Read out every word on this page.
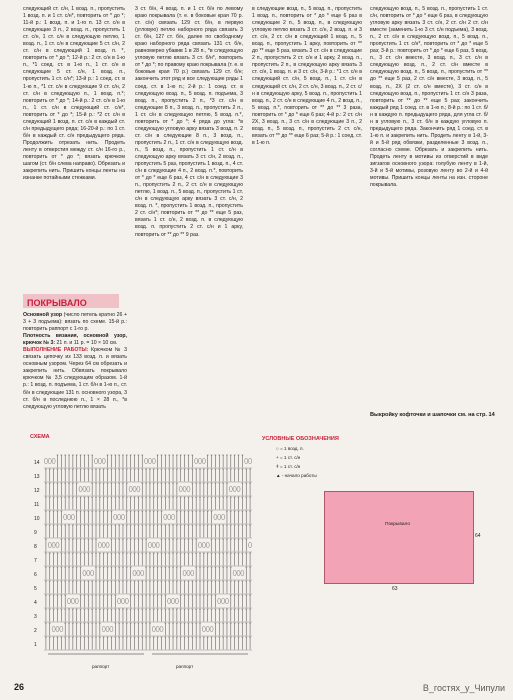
следующий ст. с/н, 1 возд. п., пропустить 1 возд. п. и 1 ст. с/н*, повторить от * до *; 11-й р.: 1 возд. п. и 1-го п. 13 ст. с/н в следующие 3 п., 2 возд. п., пропустить 1 ст. с/н, 1 ст. с/н в следующую петлю, 1 возд. п., 1 ст. с/н в следующие 5 ст. с/н, 2 ст. с/н в следующий 1 возд. п. *, повторить от * до *; 12-й р.: 2 ст. с/н в 1-ю п., *1 соед. ст. в 1-ю п., 1 ст. с/н в следующие 5 ст. с/н, 1 возд. п., пропустить 1 ст. с/н*; 13-й р.: 1 соед. ст. в 1-ю п., *1 ст. с/н в следующие 9 ст. с/н, 2 ст. с/н в следующую п., 1 возд. п.*; повторить от * до *; 14-й р.: 2 ст. с/н в 1-ю п., 1 ст. с/н в следующий ст. с/н*, повторить от * до *; 15-й р.: *2 ст. с/н в следующий 1 возд. п. ст. с/н в каждый ст. с/н предыдущего ряда; 16-20-й р.: по 1 ст. б/н в каждый ст. с/н предыдущего ряда. Продолжить отрезать нить. Продеть ленту в отверстия между ст. с/н 16-го р., повторить от * до *; вязать крючком шагом (ст. б/н слева направо). Обрезать и закрепить нить. Пришить концы ленты на изнанке потайными стежками.

ПОКРЫВАЛО
Основной узор (число петель кратно 26 + 3 + 3 подъема): вязать по схеме. 15-й р.: повторить раппорт с 1-го р.
Плотность вязания, основной узор, крючок № 3: 21 п. и 11 р. = 10 × 10 см.
ВЫПОЛНЕНИЕ РАБОТЫ: Крючком № 3 связать цепочку из 133 возд. п. и вязать основным узором. Через 64 см обрезать и закрепить нить. Обвязать покрывало крючком № 3,5 следующим образом. 1-й р.: 1 возд. п. подъема, 1 ст. б/н в 1-ю п., ст. б/н в следующие 131 п. основного узора, 3 ст. б/н в последнюю п., 1 × 28 п., *в следующую угловую петлю вязать

3 ст. б/н, 4 возд. п. и 1 ст. б/н по левому краю покрывала (т. е. в боковые края 70 р. ст. с/н) связать 129 ст. б/н, в первую (угловую) петлю наборного ряда связать 3 ст. б/н, 127 ст. б/н, далее по свободному краю наборного ряда связать 131 ст. б/н, равномерно убавив 1 в 28 п., *в следующую угловую петлю вязать 3 ст. б/н*, повторить от * до *; по правому краю покрывала (т. е. в боковые края 70 р.) связать 129 ст. б/н; закончить этот ряд и все следующие ряды 1 соед. ст. в 1-ю п.; 2-й р.: 1 соед. ст. в следующую возд. п., 5 возд. п. подъема, 3 возд. п., пропустить 2 п., *3 ст. с/н в следующие 8 п., 3 возд. п., пропустить 2 п., 1 ст. с/н в следующую петлю, 5 возд. п.*, повторить от * до *; 4 ряда до угла: *в следующую угловую арку вязать 3 возд. п. 2 ст. с/н в следующие 8 п., 3 возд. п., пропустить 2 п., 1 ст. с/н в следующую возд. п., 5 возд. п., пропустить 1 ст. с/н в следующую арку вязать 3 ст. с/н, 2 возд. п., пропустить 5 раз, пропустить 1 возд. п., 4 ст. с/н в следующие 4 п., 2 возд. п.*, повторить от * до * еще 6 раз, 4 ст. с/н в следующие 3 п., пропустить 2 п., 2 ст. с/н в следующую петлю, 1 возд. п., 5 возд. п., пропустить 1 ст. с/н в следующую арку вязать 3 ст. с/н, 2 возд. п. *, пропустить 1 возд. п., пропустить 2 ст. с/н*; повторить от ** до ** еще 5 раз, вязать 1 ст. с/н, 2 возд. п. в следующую возд. п. пропустить 2 ст. с/н и 1 арку, повторить от ** до ** 9 раз.

в следующие возд. п., 5 возд. п., пропустить 1 возд. п., повторить от * до * еще 6 раз в следующие 2 п., 5 возд. п., в следующую угловую петлю вязать 3 ст. с/н, 2 возд. п. и 3 ст. с/н, 2 ст. с/н в следующий 1 возд. п., 5 возд. п., пропустить 1 арку, повторить от ** до ** еще 5 раз, вязать 3 ст. с/н в следующие 2 п., пропустить 2 ст. с/н и 1 арку, 2 возд. п., пропустить 2 п., в следующую арку вязать 3 ст. с/н, 1 возд. п. и 3 ст. с/н, 3-й р.: *1 ст. с/н в следующий ст. с/н, 5 возд. п., 1 ст. с/н в следующий ст. с/н, 2 ст. с/н, 3 возд. п., 2 ст. с/н в следующую арку, 5 возд. п., пропустить 1 возд. п., 2 ст. с/н в следующие 4 п., 2 возд. п., 5 возд. п.*, повторить от ** до ** 3 раза, повторить от * до * еще 6 раз; 4-й р.: 2 ст. с/н 2Х, 3 возд. п., 3 ст. с/н в следующие 3 п., 2 возд. п., 5 возд. п., пропустить 2 ст. с/н, вязать от ** до ** еще 6 раз; 5-й р.: 1 соед. ст. в 1-ю п.

следующую возд. п., 5 возд. п., пропустить 1 ст. с/н, повторить от * до * еще 6 раз, в следующую угловую арку вязать 3 ст. с/н, 2 ст. с/н 2 ст. с/н вместе (заменить 1-ю 3 ст. с/н подъема), 3 возд. п., 2 ст. с/н в следующую возд. п., 5 возд. п., пропустить 1 ст. с/н*, повторить от * до * еще 5 раз; 3-й р.: повторить от * до * еще 6 раз, 5 возд. п., 3 ст. с/н вместе, 3 возд. п., 3 ст. с/н в следующую возд. п., 2 ст. с/н вместе в следующую возд. п., 5 возд. п., пропустить от ** до ** еще 5 раз, 2 ст. с/н вместе, 3 возд. п., 5 возд. п., 2Х (2 ст. с/н вместе), 3 ст. с/н в следующую возд. п., пропустить 1 ст. с/н 3 раза, повторить от ** до ** еще 5 раз; закончить каждый ряд 1 соед. ст. в 1-ю п.; 8-й р.: по 1 ст. б/н в каждую п. предыдущего ряда, для угла ст. б/н в угловую п., 3 ст. б/н в каждую угловую п. предыдущего ряда. Закончить ряд 1 соед. ст. в 1-ю п. и закрепить нить. Продеть ленту в 1-й, 3-й и 5-й ряд обвязки, разделенные 3 возд. п., согласно схеме. Обрезать и закрепить нить. Продеть ленту в мотивы из отверстий в виде зигзагов основного узора: голубую ленту в 1-й, 3-й и 5-й мотивы, розовую ленту во 2-й и 4-й мотивы. Пришить концы ленты на изн. стороне покрывала.

Выкройку кофточки и шапочки см. на стр. 14
СХЕМА
14
13
12
11
10
9
8
7
6
5
4
3
2
1
раппорт	раппорт
УСЛОВНЫЕ ОБОЗНАЧЕНИЯ
○ = 1 возд. п.
+ = 1 ст. с/н
ǂ = 1 ст. с/н
▲ - начало работы
Покрывало
63
64
26	В_гостях_у_Чипули
